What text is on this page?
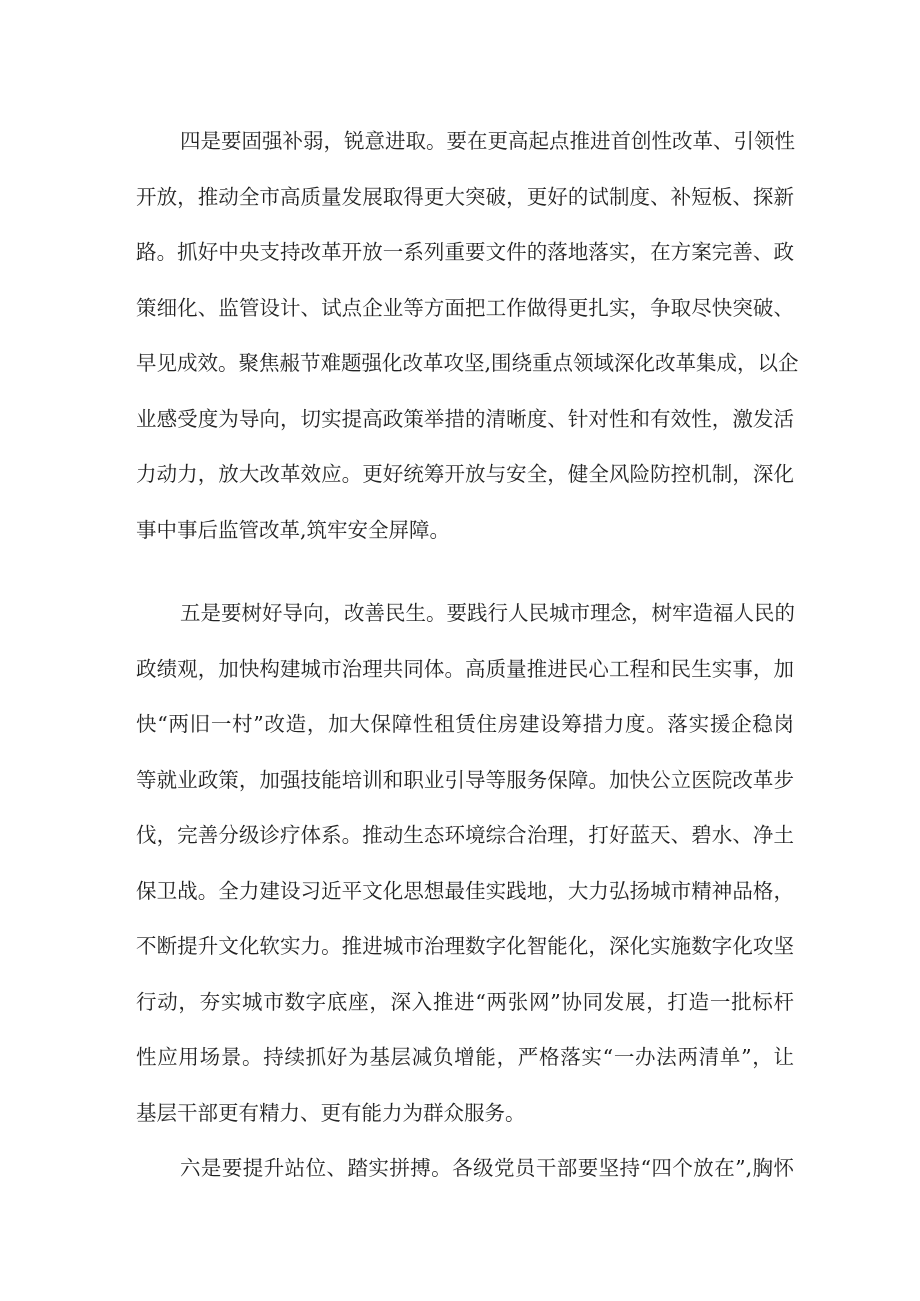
四是要固强补弱，锐意进取。要在更高起点推进首创性改革、引领性
开放，推动全市高质量发展取得更大突破，更好的试制度、补短板、探新
路。抓好中央支持改革开放一系列重要文件的落地落实，在方案完善、政
策细化、监管设计、试点企业等方面把工作做得更扎实，争取尽快突破、
早见成效。聚焦赧节难题强化改革攻坚,围绕重点领域深化改革集成，以企
业感受度为导向，切实提高政策举措的清晰度、针对性和有效性，激发活
力动力，放大改革效应。更好统筹开放与安全，健全风险防控机制，深化
事中事后监管改革,筑牢安全屏障。
五是要树好导向，改善民生。要践行人民城市理念，树牢造福人民的
政绩观，加快构建城市治理共同体。高质量推进民心工程和民生实事，加
快“两旧一村”改造，加大保障性租赁住房建设筹措力度。落实援企稳岗
等就业政策，加强技能培训和职业引导等服务保障。加快公立医院改革步
伐，完善分级诊疗体系。推动生态环境综合治理，打好蓝天、碧水、净土
保卫战。全力建设习近平文化思想最佳实践地，大力弘扬城市精神品格，
不断提升文化软实力。推进城市治理数字化智能化，深化实施数字化攻坚
行动，夯实城市数字底座，深入推进“两张网”协同发展，打造一批标杆
性应用场景。持续抓好为基层减负增能，严格落实“一办法两清单”，让
基层干部更有精力、更有能力为群众服务。
六是要提升站位、踏实拼搏。各级党员干部要坚持“四个放在”,胸怀
